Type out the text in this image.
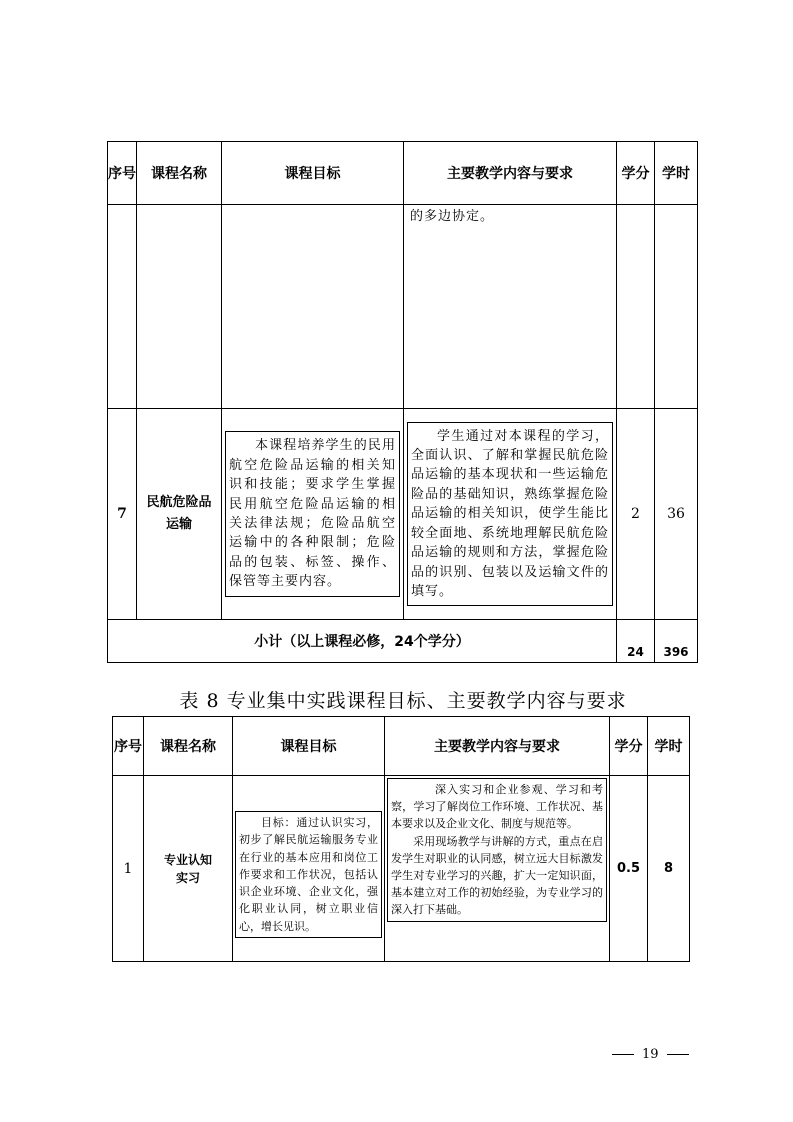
序号	课程名称	课程目标	主要教学内容与要求	学分	学时

			的多边协定。		

7	民航危险品运输	本课程培养学生的民用航空危险品运输的相关知识和技能；要求学生掌握民用航空危险品运输的相关法律法规；危险品航空运输中的各种限制；危险品的包装、标签、操作、保管等主要内容。	学生通过对本课程的学习，全面认识、了解和掌握民航危险品运输的基本现状和一些运输危险品的基础知识，熟练掌握危险品运输的相关知识，使学生能比较全面地、系统地理解民航危险品运输的规则和方法，掌握危险品的识别、包装以及运输文件的填写。	2	36
小计（以上课程必修，24个学分）				24	396
表 8 专业集中实践课程目标、主要教学内容与要求
序号	课程名称	课程目标	主要教学内容与要求	学分	学时
1	专业认知实习	目标：通过认识实习，初步了解民航运输服务专业在行业的基本应用和岗位工作要求和工作状况，包括认识企业环境、企业文化，强化职业认同，树立职业信心，增长见识。	深入实习和企业参观、学习和考察，学习了解岗位工作环境、工作状况、基本要求以及企业文化、制度与规范等。
采用现场教学与讲解的方式，重点在启发学生对职业的认同感，树立远大目标激发学生对专业学习的兴趣，扩大一定知识面，基本建立对工作的初始经验，为专业学习的深入打下基础。	0.5	8
19
